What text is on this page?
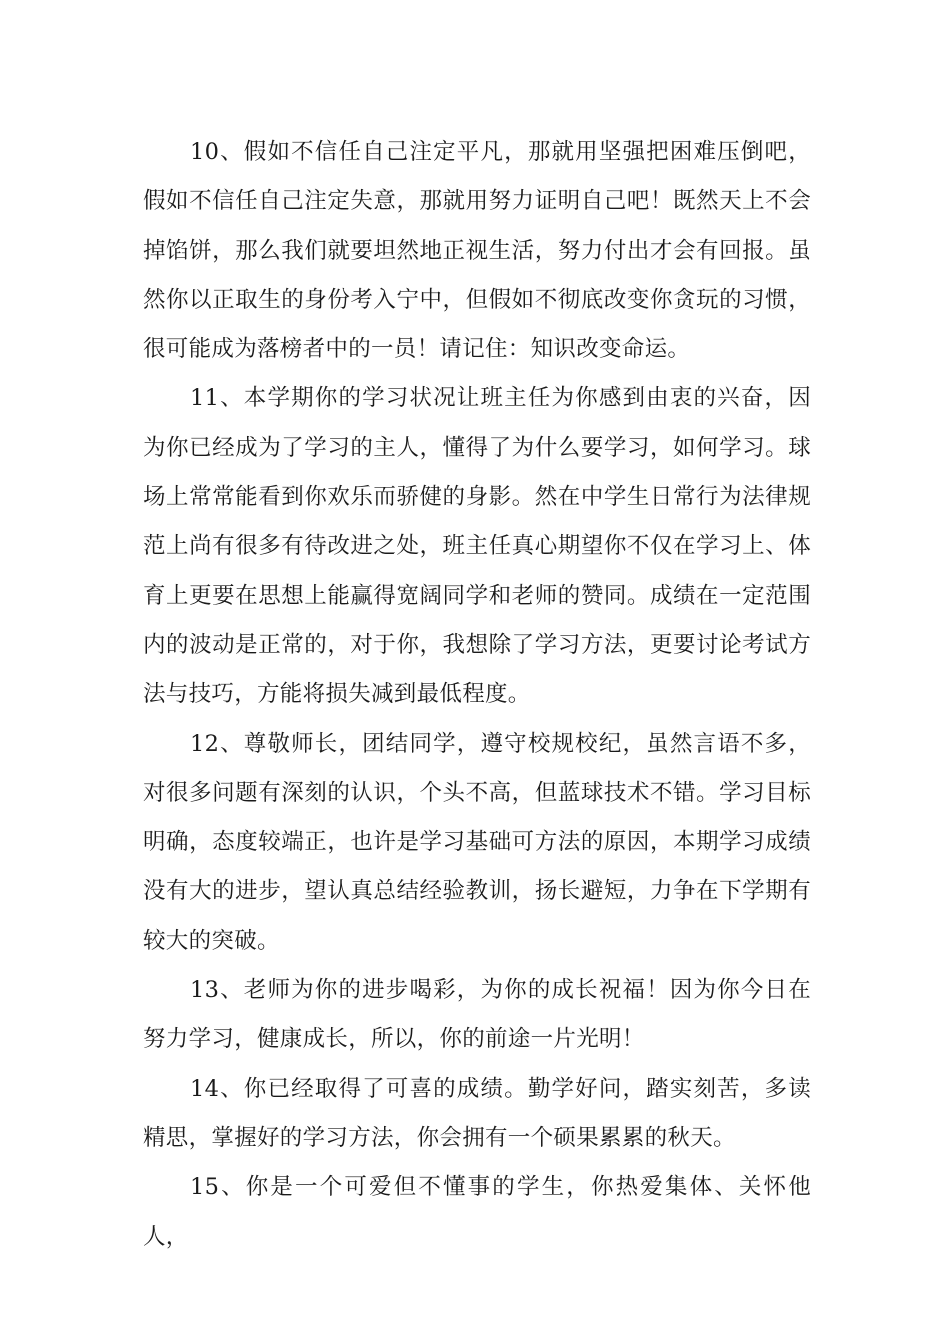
10、假如不信任自己注定平凡，那就用坚强把困难压倒吧，假如不信任自己注定失意，那就用努力证明自己吧！既然天上不会掉馅饼，那么我们就要坦然地正视生活，努力付出才会有回报。虽然你以正取生的身份考入宁中，但假如不彻底改变你贪玩的习惯，很可能成为落榜者中的一员！请记住：知识改变命运。

11、本学期你的学习状况让班主任为你感到由衷的兴奋，因为你已经成为了学习的主人，懂得了为什么要学习，如何学习。球场上常常能看到你欢乐而骄健的身影。然在中学生日常行为法律规范上尚有很多有待改进之处，班主任真心期望你不仅在学习上、体育上更要在思想上能赢得宽阔同学和老师的赞同。成绩在一定范围内的波动是正常的，对于你，我想除了学习方法，更要讨论考试方法与技巧，方能将损失减到最低程度。

12、尊敬师长，团结同学，遵守校规校纪，虽然言语不多，对很多问题有深刻的认识，个头不高，但蓝球技术不错。学习目标明确，态度较端正，也许是学习基础可方法的原因，本期学习成绩没有大的进步，望认真总结经验教训，扬长避短，力争在下学期有较大的突破。

13、老师为你的进步喝彩，为你的成长祝福！因为你今日在努力学习，健康成长，所以，你的前途一片光明！

14、你已经取得了可喜的成绩。勤学好问，踏实刻苦，多读精思，掌握好的学习方法，你会拥有一个硕果累累的秋天。

15、你是一个可爱但不懂事的学生，你热爱集体、关怀他人，
